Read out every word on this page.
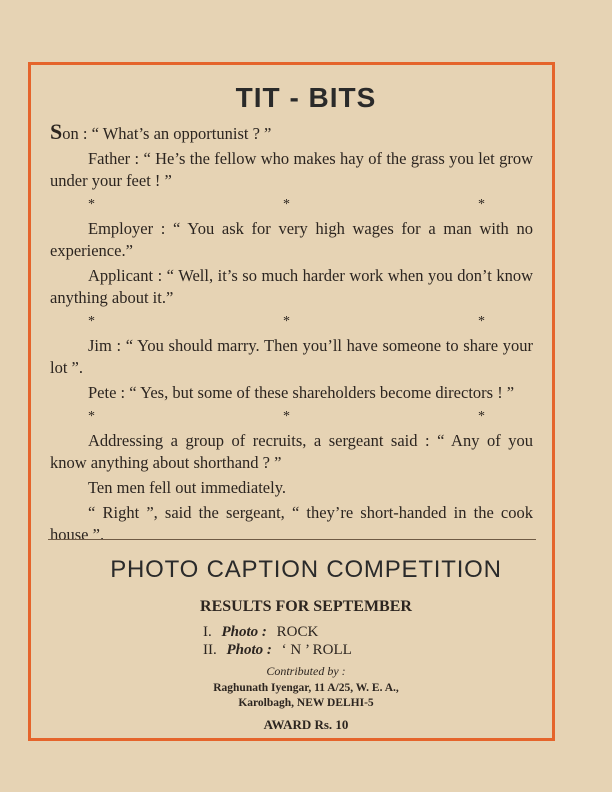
TIT - BITS

Son : “ What’s an opportunist ? ”

Father : “ He’s the fellow who makes hay of the grass you let grow under your feet ! ”

*	*	*

Employer : “ You ask for very high wages for a man with no experience.”

Applicant : “ Well, it’s so much harder work when you don’t know anything about it.”

*	*	*

Jim : “ You should marry. Then you’ll have someone to share your lot ”.

Pete : “ Yes, but some of these shareholders become directors ! ”

*	*	*

Addressing a group of recruits, a sergeant said : “ Any of you know anything about shorthand ? ”

Ten men fell out immediately.

“ Right ”, said the sergeant, “ they’re short-handed in the cook house ”.

PHOTO CAPTION COMPETITION
RESULTS FOR SEPTEMBER
I. Photo : ROCK
II. Photo : ‘ N ’ ROLL
Contributed by :
Raghunath Iyengar, 11 A/25, W. E. A.,
Karolbagh, NEW DELHI-5
AWARD Rs. 10
